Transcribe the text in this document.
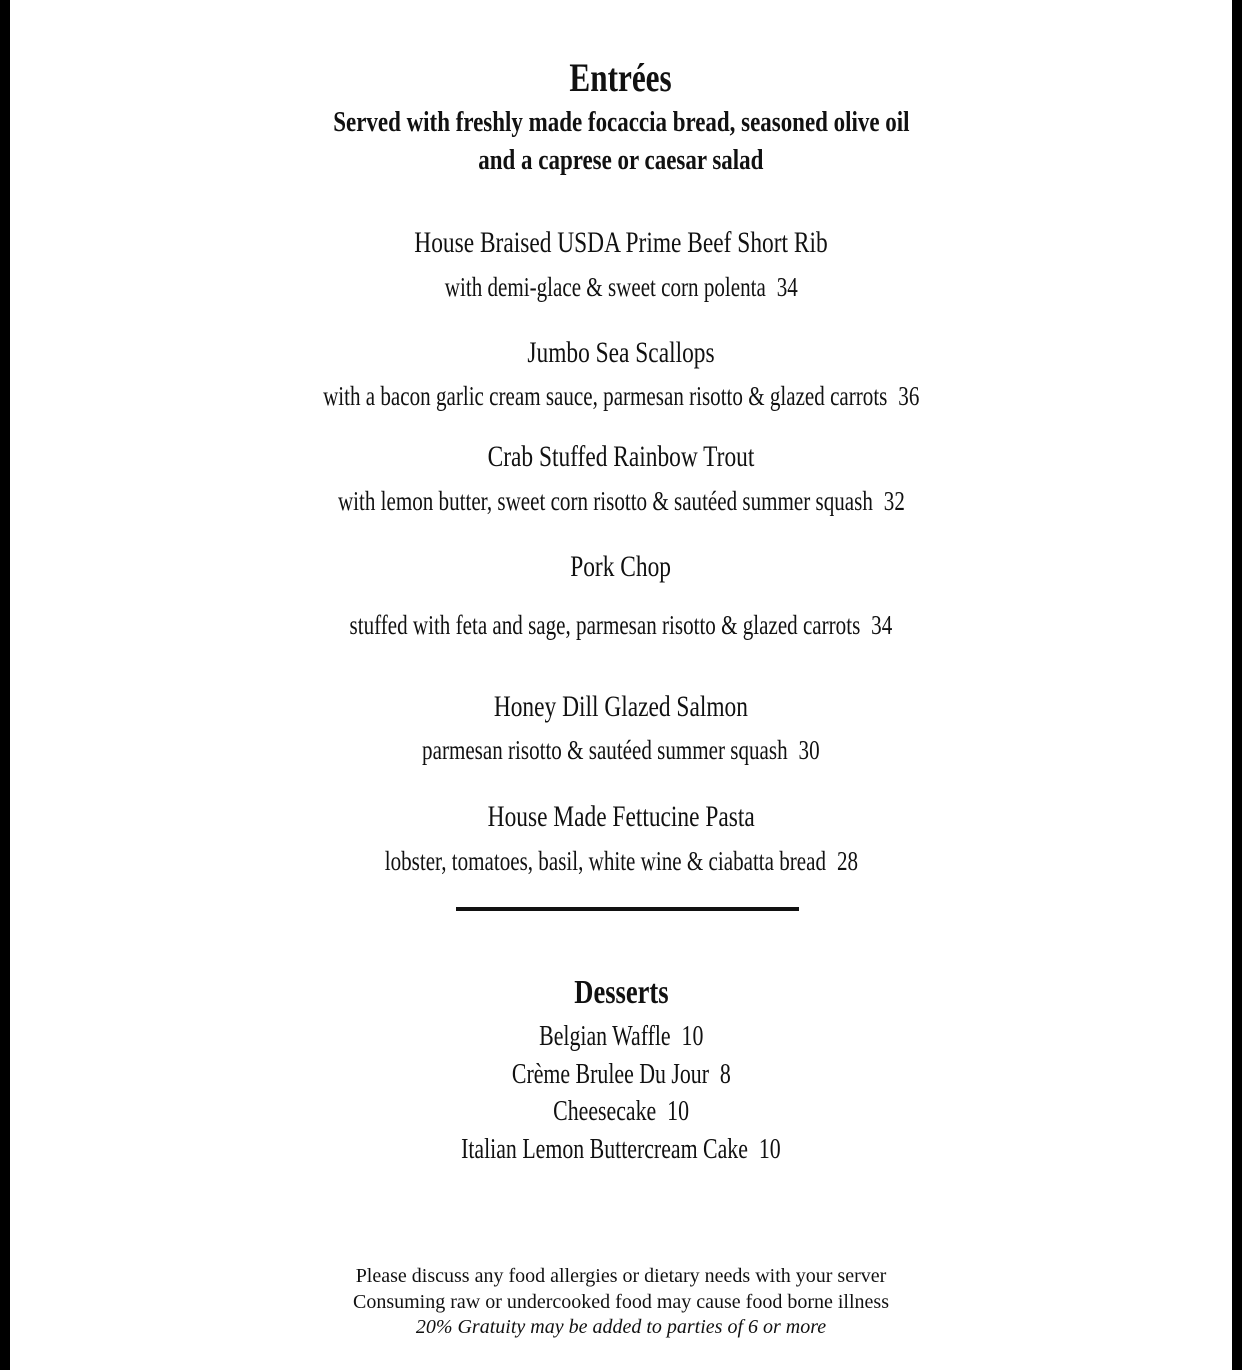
Entrées
Served with freshly made focaccia bread, seasoned olive oil
and a caprese or caesar salad
House Braised USDA Prime Beef Short Rib
with demi-glace & sweet corn polenta 34
Jumbo Sea Scallops
with a bacon garlic cream sauce, parmesan risotto & glazed carrots 36
Crab Stuffed Rainbow Trout
with lemon butter, sweet corn risotto & sautéed summer squash 32
Pork Chop
stuffed with feta and sage, parmesan risotto & glazed carrots 34
Honey Dill Glazed Salmon
parmesan risotto & sautéed summer squash 30
House Made Fettucine Pasta
lobster, tomatoes, basil, white wine & ciabatta bread 28
Desserts
Belgian Waffle 10
Crème Brulee Du Jour 8
Cheesecake 10
Italian Lemon Buttercream Cake 10
Please discuss any food allergies or dietary needs with your server
Consuming raw or undercooked food may cause food borne illness
20% Gratuity may be added to parties of 6 or more
